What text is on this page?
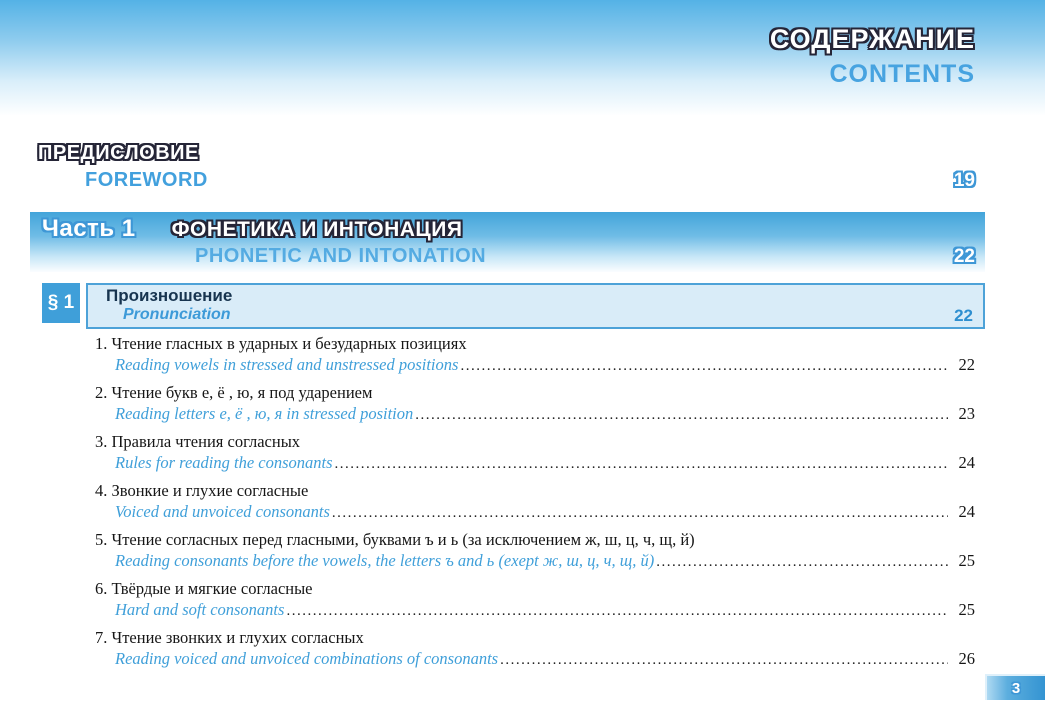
СОДЕРЖАНИЕ
CONTENTS
ПРЕДИСЛОВИЕ
FOREWORD	19
Часть 1 ФОНЕТИКА И ИНТОНАЦИЯ
PHONETIC AND INTONATION	22
§ 1	Произношение
Pronunciation	22
1. Чтение гласных в ударных и безударных позициях
Reading vowels in stressed and unstressed positions .....	22
2. Чтение букв е, ё , ю, я под ударением
Reading letters е, ё , ю, я in stressed position .....	23
3. Правила чтения согласных
Rules for reading the consonants .....	24
4. Звонкие и глухие согласные
Voiced and unvoiced consonants .....	24
5. Чтение согласных перед гласными, буквами ъ и ь (за исключением ж, ш, ц, ч, щ, й)
Reading consonants before the vowels, the letters ъ and ь (exept ж, ш, ц, ч, щ, й) .....	25
6. Твёрдые и мягкие согласные
Hard and soft consonants .....	25
7. Чтение звонких и глухих согласных
Reading voiced and unvoiced combinations of consonants .....	26
3
